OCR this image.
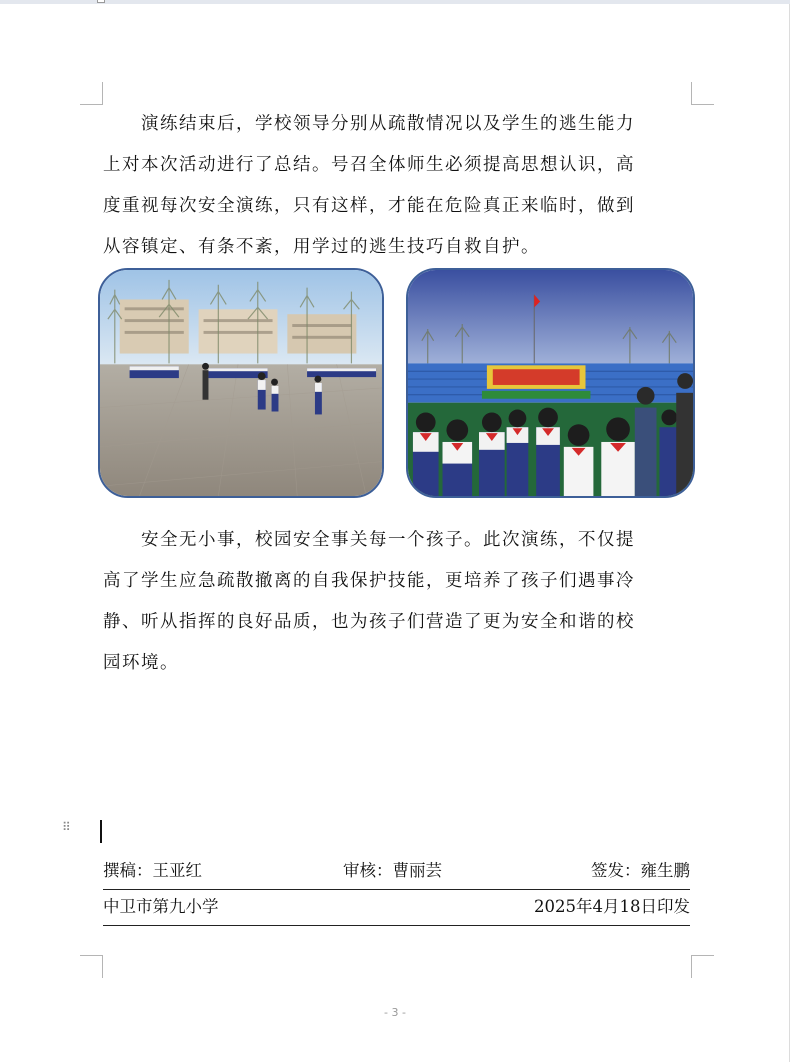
　　演练结束后，学校领导分别从疏散情况以及学生的逃生能力
上对本次活动进行了总结。号召全体师生必须提高思想认识，高
度重视每次安全演练，只有这样，才能在危险真正来临时，做到
从容镇定、有条不紊，用学过的逃生技巧自救自护。

　　安全无小事，校园安全事关每一个孩子。此次演练，不仅提
高了学生应急疏散撤离的自我保护技能，更培养了孩子们遇事冷
静、听从指挥的良好品质，也为孩子们营造了更为安全和谐的校
园环境。

⠿
撰稿：王亚红	审核：曹丽芸	签发：雍生鹏
中卫市第九小学	2025年4月18日印发
- 3 -
